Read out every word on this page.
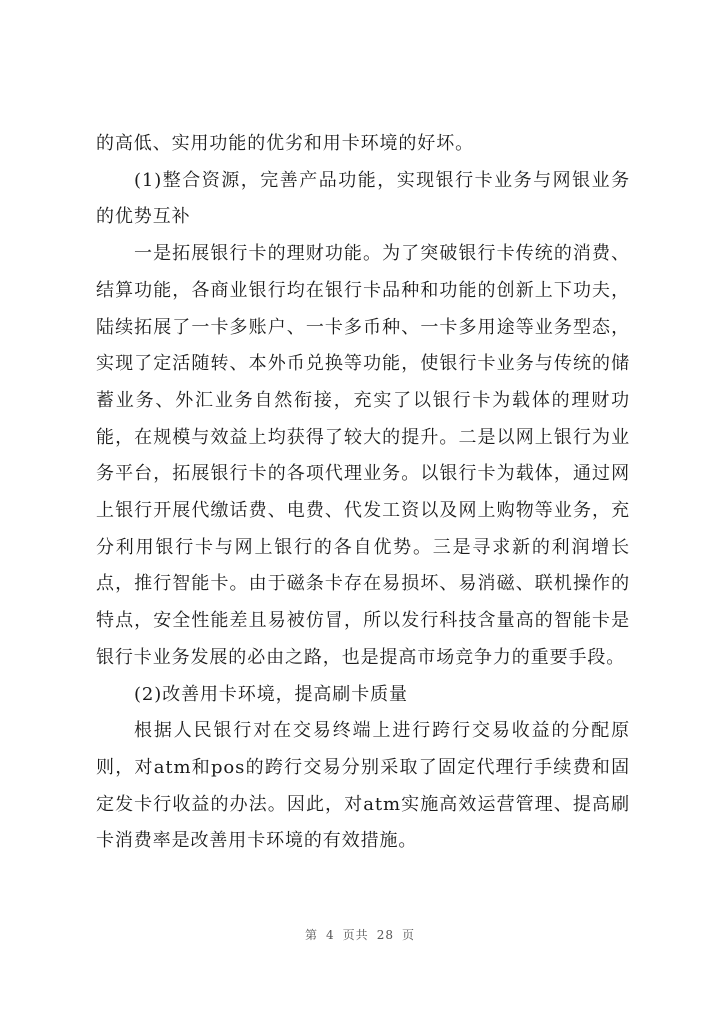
的高低、实用功能的优劣和用卡环境的好坏。

(1)整合资源，完善产品功能，实现银行卡业务与网银业务的优势互补

一是拓展银行卡的理财功能。为了突破银行卡传统的消费、结算功能，各商业银行均在银行卡品种和功能的创新上下功夫，陆续拓展了一卡多账户、一卡多币种、一卡多用途等业务型态，实现了定活随转、本外币兑换等功能，使银行卡业务与传统的储蓄业务、外汇业务自然衔接，充实了以银行卡为载体的理财功能，在规模与效益上均获得了较大的提升。二是以网上银行为业务平台，拓展银行卡的各项代理业务。以银行卡为载体，通过网上银行开展代缴话费、电费、代发工资以及网上购物等业务，充分利用银行卡与网上银行的各自优势。三是寻求新的利润增长点，推行智能卡。由于磁条卡存在易损坏、易消磁、联机操作的特点，安全性能差且易被仿冒，所以发行科技含量高的智能卡是银行卡业务发展的必由之路，也是提高市场竞争力的重要手段。

(2)改善用卡环境，提高刷卡质量

根据人民银行对在交易终端上进行跨行交易收益的分配原则，对atm和pos的跨行交易分别采取了固定代理行手续费和固定发卡行收益的办法。因此，对atm实施高效运营管理、提高刷卡消费率是改善用卡环境的有效措施。

第 4 页共 28 页
